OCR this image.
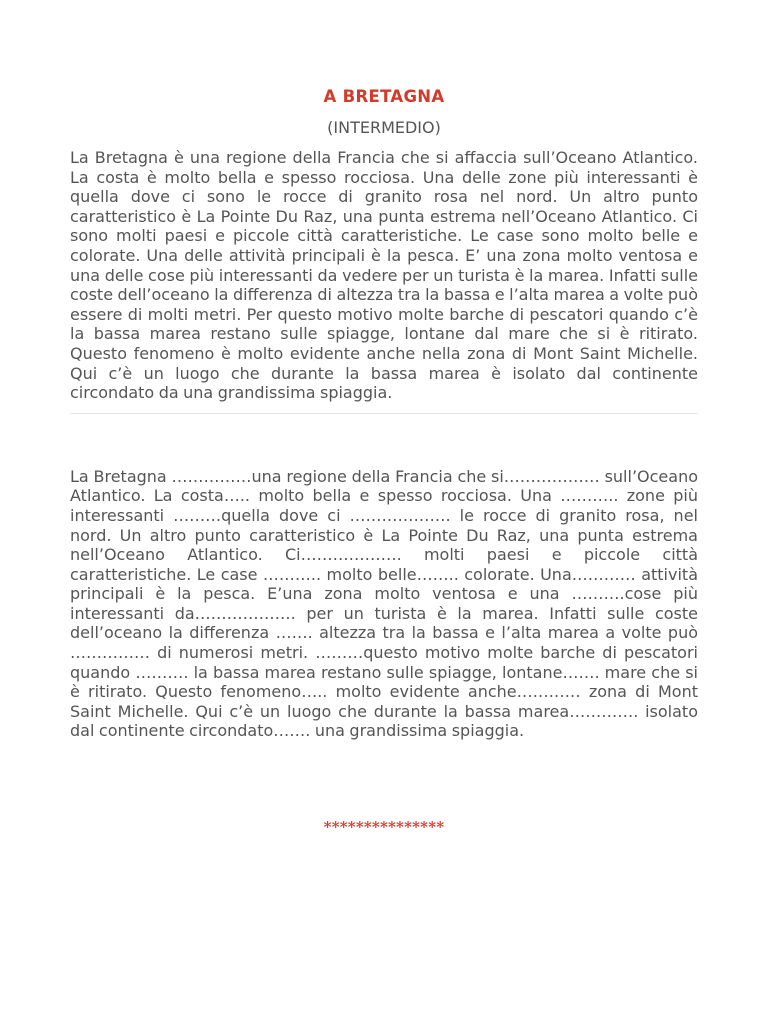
A BRETAGNA

(INTERMEDIO)

La Bretagna è una regione della Francia che si affaccia sull’Oceano Atlantico. La costa è molto bella e spesso rocciosa. Una delle zone più interessanti è quella dove ci sono le rocce di granito rosa nel nord. Un altro punto caratteristico è La Pointe Du Raz, una punta estrema nell’Oceano Atlantico. Ci sono molti paesi e piccole città caratteristiche. Le case sono molto belle e colorate. Una delle attività principali è la pesca. E’ una zona molto ventosa e una delle cose più interessanti da vedere per un turista è la marea. Infatti sulle coste dell’oceano la differenza di altezza tra la bassa e l’alta marea a volte può essere di molti metri. Per questo motivo molte barche di pescatori quando c’è la bassa marea restano sulle spiagge, lontane dal mare che si è ritirato. Questo fenomeno è molto evidente anche nella zona di Mont Saint Michelle. Qui c’è un luogo che durante la bassa marea è isolato dal continente circondato da una grandissima spiaggia.

La Bretagna ……………una regione della Francia che si……………… sull’Oceano Atlantico. La costa….. molto bella e spesso rocciosa. Una ……….. zone più interessanti ………quella dove ci ………………. le rocce di granito rosa, nel nord. Un altro punto caratteristico è La Pointe Du Raz, una punta estrema nell’Oceano Atlantico. Ci………………. molti paesi e piccole città caratteristiche. Le case ……….. molto belle…….. colorate. Una………… attività principali è la pesca. E’una zona molto ventosa e una ……….cose più interessanti da………………. per un turista è la marea. Infatti sulle coste dell’oceano la differenza ……. altezza tra la bassa e l’alta marea a volte può …………… di numerosi metri. ………questo motivo molte barche di pescatori quando ………. la bassa marea restano sulle spiagge, lontane……. mare che si è ritirato. Questo fenomeno….. molto evidente anche………… zona di Mont Saint Michelle. Qui c’è un luogo che durante la bassa marea…………. isolato dal continente circondato……. una grandissima spiaggia.

***************
